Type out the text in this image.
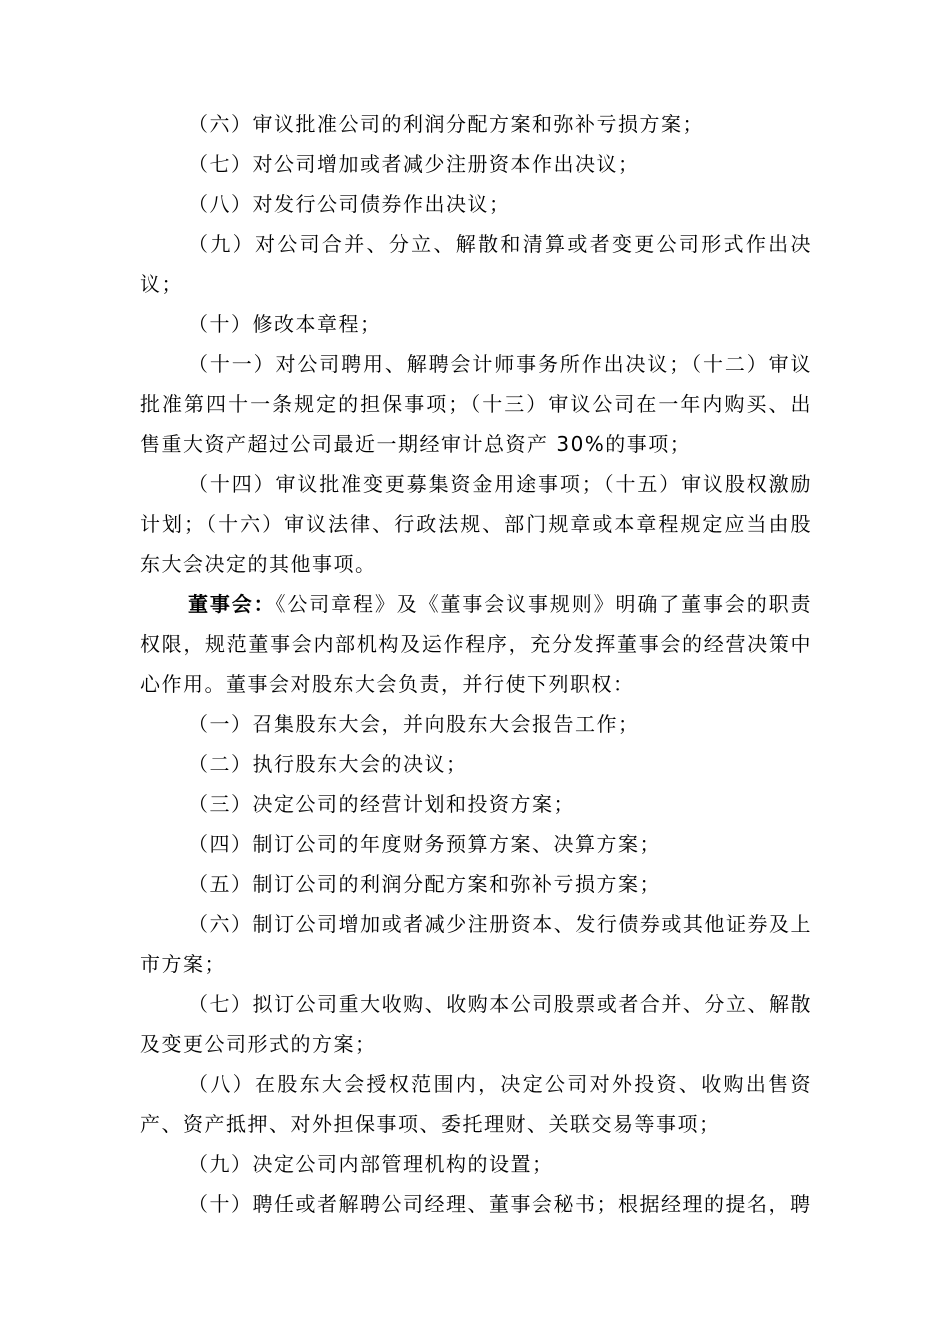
（六）审议批准公司的利润分配方案和弥补亏损方案；

（七）对公司增加或者减少注册资本作出决议；

（八）对发行公司债券作出决议；

（九）对公司合并、分立、解散和清算或者变更公司形式作出决议；

（十）修改本章程；

（十一）对公司聘用、解聘会计师事务所作出决议；（十二）审议批准第四十一条规定的担保事项；（十三）审议公司在一年内购买、出售重大资产超过公司最近一期经审计总资产 30%的事项；

（十四）审议批准变更募集资金用途事项；（十五）审议股权激励计划；（十六）审议法律、行政法规、部门规章或本章程规定应当由股东大会决定的其他事项。

董事会：《公司章程》及《董事会议事规则》明确了董事会的职责权限，规范董事会内部机构及运作程序，充分发挥董事会的经营决策中心作用。董事会对股东大会负责，并行使下列职权：

（一）召集股东大会，并向股东大会报告工作；

（二）执行股东大会的决议；

（三）决定公司的经营计划和投资方案；

（四）制订公司的年度财务预算方案、决算方案；

（五）制订公司的利润分配方案和弥补亏损方案；

（六）制订公司增加或者减少注册资本、发行债券或其他证券及上市方案；

（七）拟订公司重大收购、收购本公司股票或者合并、分立、解散及变更公司形式的方案；

（八）在股东大会授权范围内，决定公司对外投资、收购出售资产、资产抵押、对外担保事项、委托理财、关联交易等事项；

（九）决定公司内部管理机构的设置；

（十）聘任或者解聘公司经理、董事会秘书；根据经理的提名，聘
